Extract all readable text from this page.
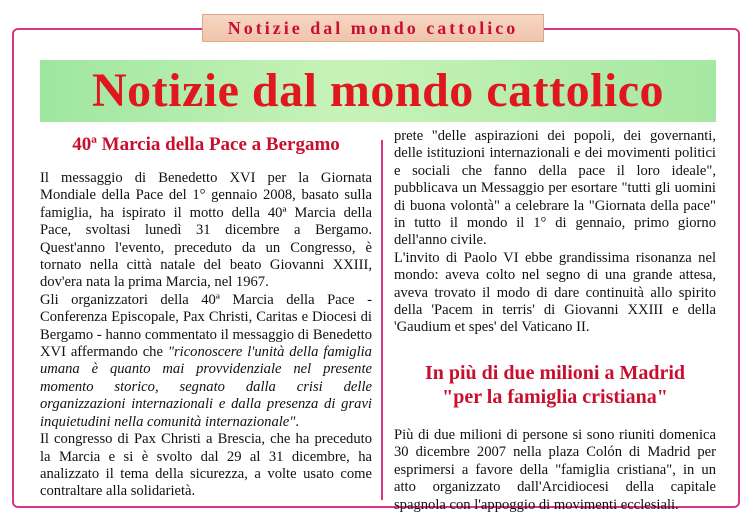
Notizie dal mondo cattolico
Notizie dal mondo cattolico
40ª Marcia della Pace a Bergamo

Il messaggio di Benedetto XVI per la Giornata Mondiale della Pace del 1° gennaio 2008, basato sulla famiglia, ha ispirato il motto della 40ª Marcia della Pace, svoltasi lunedì 31 dicembre a Bergamo. Quest'anno l'evento, preceduto da un Congresso, è tornato nella città natale del beato Giovanni XXIII, dov'era nata la prima Marcia, nel 1967.

Gli organizzatori della 40ª Marcia della Pace - Conferenza Episcopale, Pax Christi, Caritas e Diocesi di Bergamo - hanno commentato il messaggio di Benedetto XVI affermando che "riconoscere l'unità della famiglia umana è quanto mai provvidenziale nel presente momento storico, segnato dalla crisi delle organizzazioni internazionali e dalla presenza di gravi inquietudini nella comunità internazionale".

Il congresso di Pax Christi a Brescia, che ha preceduto la Marcia e si è svolto dal 29 al 31 dicembre, ha analizzato il tema della sicurezza, a volte usato come contraltare alla solidarietà.

prete "delle aspirazioni dei popoli, dei governanti, delle istituzioni internazionali e dei movimenti politici e sociali che fanno della pace il loro ideale", pubblicava un Messaggio per esortare "tutti gli uomini di buona volontà" a celebrare la "Giornata della pace" in tutto il mondo il 1° di gennaio, primo giorno dell'anno civile.

L'invito di Paolo VI ebbe grandissima risonanza nel mondo: aveva colto nel segno di una grande attesa, aveva trovato il modo di dare continuità allo spirito della 'Pacem in terris' di Giovanni XXIII e della 'Gaudium et spes' del Vaticano II.

In più di due milioni a Madrid
"per la famiglia cristiana"

Più di due milioni di persone si sono riuniti domenica 30 dicembre 2007 nella plaza Colón di Madrid per esprimersi a favore della "famiglia cristiana", in un atto organizzato dall'Arcidiocesi della capitale spagnola con l'appoggio di movimenti ecclesiali.
